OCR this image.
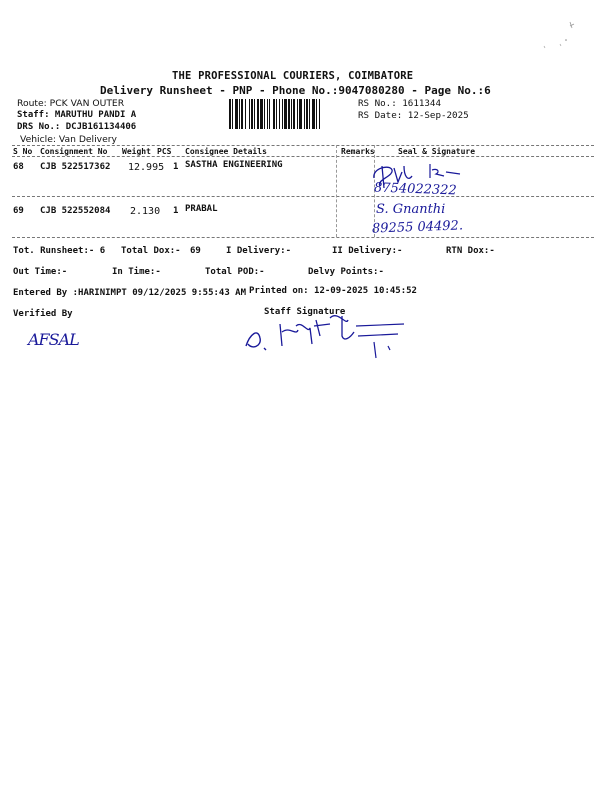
THE PROFESSIONAL COURIERS, COIMBATORE
Delivery Runsheet - PNP - Phone No.:9047080280 - Page No.:6
Route: PCK VAN OUTER
Staff: MARUTHU PANDI A
DRS No.: DCJB161134406
Vehicle: Van Delivery
RS No.: 1611344
RS Date: 12-Sep-2025
S No Consignment No Weight PCS Consignee Details	Remarks	Seal & Signature
68 CJB 522517362 12.995 1 SASTHA ENGINEERING
69 CJB 522552084 2.130 1 PRABAL
8754022322
S. Gnanthi
89255 04492.
Tot. Runsheet:- 6 Total Dox:- 69	I Delivery:-	II Delivery:-	RTN Dox:-
Out Time:-	In Time:-	Total POD:-	Delvy Points:-
Entered By :HARINIMPT 09/12/2025 9:55:43 AM Printed on: 12-09-2025 10:45:52
Verified By	Staff Signature
AFSAL
